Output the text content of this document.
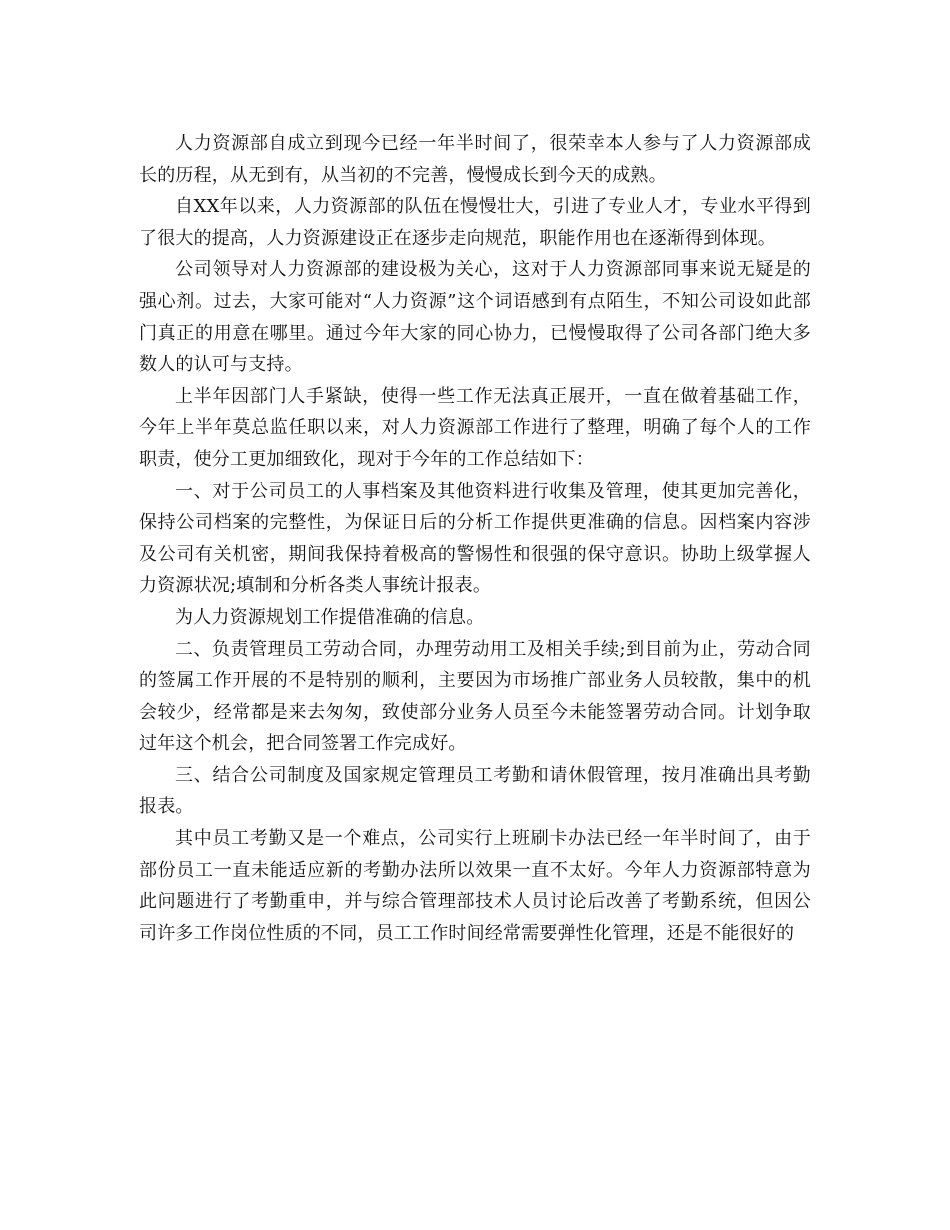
人力资源部自成立到现今已经一年半时间了，很荣幸本人参与了人力资源部成长的历程，从无到有，从当初的不完善，慢慢成长到今天的成熟。

自XX年以来，人力资源部的队伍在慢慢壮大，引进了专业人才，专业水平得到了很大的提高，人力资源建设正在逐步走向规范，职能作用也在逐渐得到体现。

公司领导对人力资源部的建设极为关心，这对于人力资源部同事来说无疑是的强心剂。过去，大家可能对“人力资源”这个词语感到有点陌生，不知公司设如此部门真正的用意在哪里。通过今年大家的同心协力，已慢慢取得了公司各部门绝大多数人的认可与支持。

上半年因部门人手紧缺，使得一些工作无法真正展开，一直在做着基础工作，今年上半年莫总监任职以来，对人力资源部工作进行了整理，明确了每个人的工作职责，使分工更加细致化，现对于今年的工作总结如下：

一、对于公司员工的人事档案及其他资料进行收集及管理，使其更加完善化，保持公司档案的完整性，为保证日后的分析工作提供更准确的信息。因档案内容涉及公司有关机密，期间我保持着极高的警惕性和很强的保守意识。协助上级掌握人力资源状况;填制和分析各类人事统计报表。

为人力资源规划工作提借准确的信息。

二、负责管理员工劳动合同，办理劳动用工及相关手续;到目前为止，劳动合同的签属工作开展的不是特别的顺利，主要因为市场推广部业务人员较散，集中的机会较少，经常都是来去匆匆，致使部分业务人员至今未能签署劳动合同。计划争取过年这个机会，把合同签署工作完成好。

三、结合公司制度及国家规定管理员工考勤和请休假管理，按月准确出具考勤报表。

其中员工考勤又是一个难点，公司实行上班刷卡办法已经一年半时间了，由于部份员工一直未能适应新的考勤办法所以效果一直不太好。今年人力资源部特意为此问题进行了考勤重申，并与综合管理部技术人员讨论后改善了考勤系统，但因公司许多工作岗位性质的不同，员工工作时间经常需要弹性化管理，还是不能很好的
